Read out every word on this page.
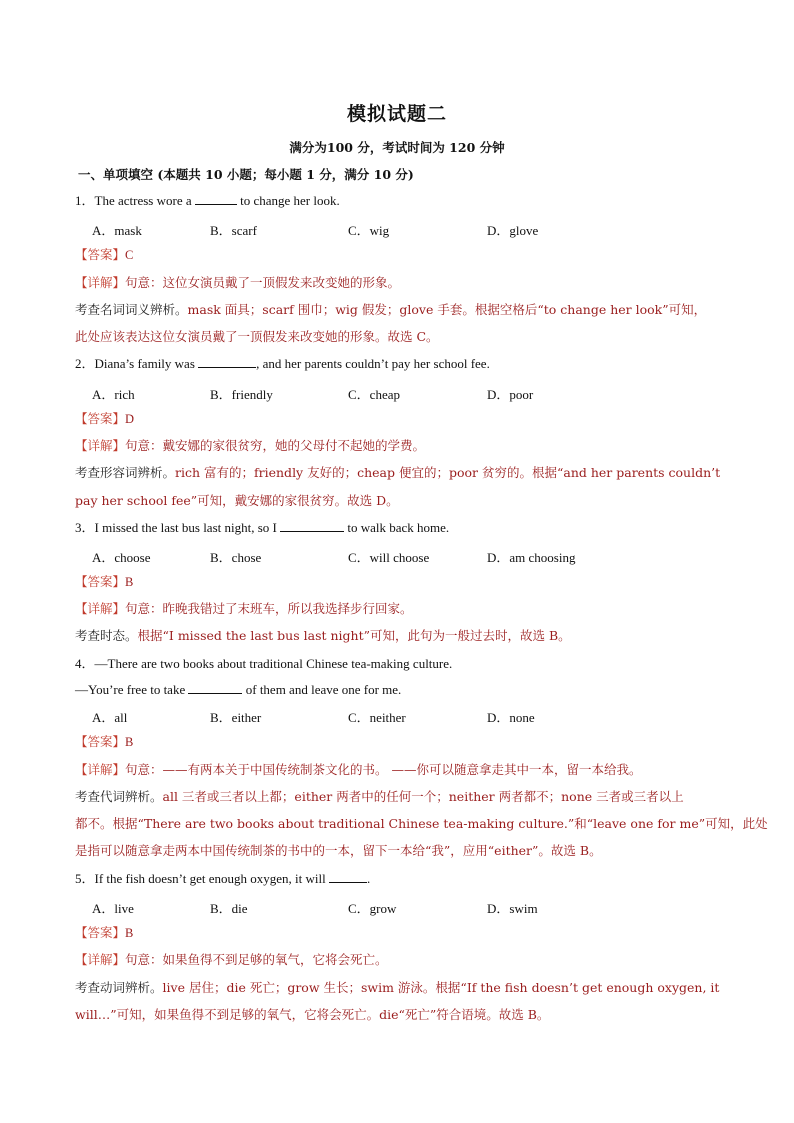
模拟试题二
满分为100 分，考试时间为 120 分钟
一、单项填空 (本题共 10 小题；每小题 1 分，满分 10 分)
1．The actress wore a	to change her look.
A．mask	B．scarf	C．wig	D．glove
【答案】C
【详解】句意：这位女演员戴了一顶假发来改变她的形象。
考查名词词义辨析。mask 面具；scarf 围巾；wig 假发；glove 手套。根据空格后“to change her look”可知，
此处应该表达这位女演员戴了一顶假发来改变她的形象。故选 C。
2．Diana’s family was	, and her parents couldn’t pay her school fee.
A．rich	B．friendly	C．cheap	D．poor
【答案】D
【详解】句意：戴安娜的家很贫穷，她的父母付不起她的学费。
考查形容词辨析。rich 富有的；friendly 友好的；cheap 便宜的；poor 贫穷的。根据“and her parents couldn’t
pay her school fee”可知，戴安娜的家很贫穷。故选 D。
3．I missed the last bus last night, so I	to walk back home.
A．choose	B．chose	C．will choose	D．am choosing
【答案】B
【详解】句意：昨晚我错过了末班车，所以我选择步行回家。
考查时态。根据“I missed the last bus last night”可知，此句为一般过去时，故选 B。
4．—There are two books about traditional Chinese tea-making culture.
—You’re free to take	of them and leave one for me.
A．all	B．either	C．neither	D．none
【答案】B
【详解】句意：——有两本关于中国传统制茶文化的书。 ——你可以随意拿走其中一本，留一本给我。
考查代词辨析。all 三者或三者以上都；either 两者中的任何一个；neither 两者都不；none 三者或三者以上
都不。根据“There are two books about traditional Chinese tea-making culture.”和“leave one for me”可知，此处
是指可以随意拿走两本中国传统制茶的书中的一本，留下一本给“我”，应用“either”。故选 B。
5．If the fish doesn’t get enough oxygen, it will	.
A．live	B．die	C．grow	D．swim
【答案】B
【详解】句意：如果鱼得不到足够的氧气，它将会死亡。
考查动词辨析。live 居住；die 死亡；grow 生长；swim 游泳。根据“If the fish doesn’t get enough oxygen, it
will…”可知，如果鱼得不到足够的氧气，它将会死亡。die“死亡”符合语境。故选 B。
